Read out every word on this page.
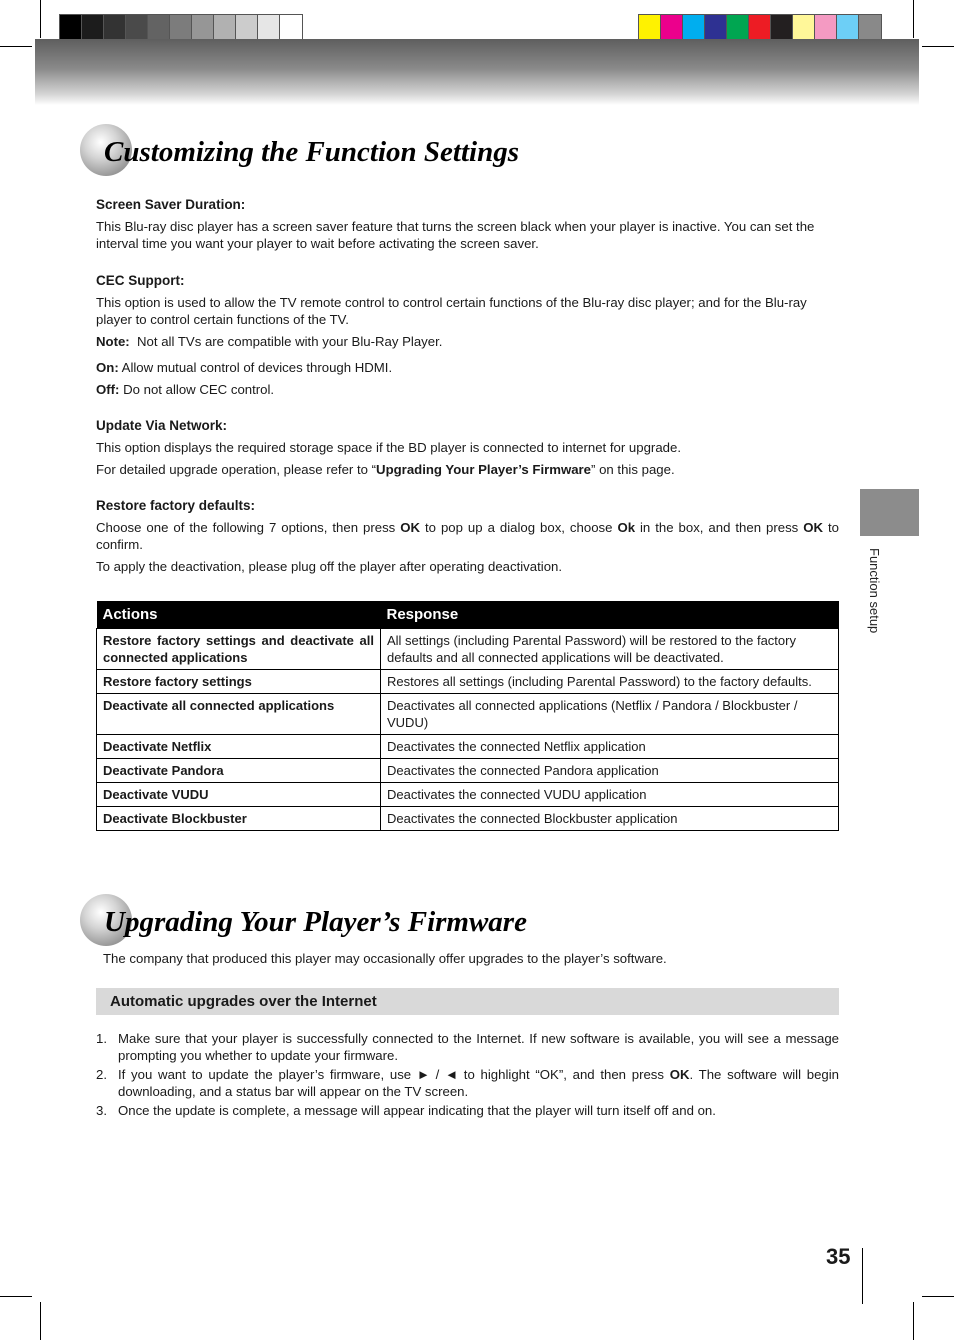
Customizing the Function Settings
Screen Saver Duration:

This Blu-ray disc player has a screen saver feature that turns the screen black when your player is inactive. You can set the interval time you want your player to wait before activating the screen saver.

CEC Support:

This option is used to allow the TV remote control to control certain functions of the Blu-ray disc player; and for the Blu-ray player to control certain functions of the TV.

Note: Not all TVs are compatible with your Blu-Ray Player.

On: Allow mutual control of devices through HDMI.

Off: Do not allow CEC control.

Update Via Network:

This option displays the required storage space if the BD player is connected to internet for upgrade.

For detailed upgrade operation, please refer to “Upgrading Your Player’s Firmware” on this page.

Restore factory defaults:

Choose one of the following 7 options, then press OK to pop up a dialog box, choose Ok in the box, and then press OK to confirm.

To apply the deactivation, please plug off the player after operating deactivation.

Actions	Response
Restore factory settings and deactivate all connected applications	All settings (including Parental Password) will be restored to the factory defaults and all connected applications will be deactivated.
Restore factory settings	Restores all settings (including Parental Password) to the factory defaults.
Deactivate all connected applications	Deactivates all connected applications (Netflix / Pandora / Blockbuster / VUDU)
Deactivate Netflix	Deactivates the connected Netflix application
Deactivate Pandora	Deactivates the connected Pandora application
Deactivate VUDU	Deactivates the connected VUDU application
Deactivate Blockbuster	Deactivates the connected Blockbuster application
Upgrading Your Player’s Firmware
The company that produced this player may occasionally offer upgrades to the player’s software.
Automatic upgrades over the Internet
1. Make sure that your player is successfully connected to the Internet. If new software is available, you will see a message prompting you whether to update your firmware.
2. If you want to update the player’s firmware, use ► / ◄ to highlight “OK”, and then press OK. The software will begin downloading, and a status bar will appear on the TV screen.
3. Once the update is complete, a message will appear indicating that the player will turn itself off and on.
Function setup
35
